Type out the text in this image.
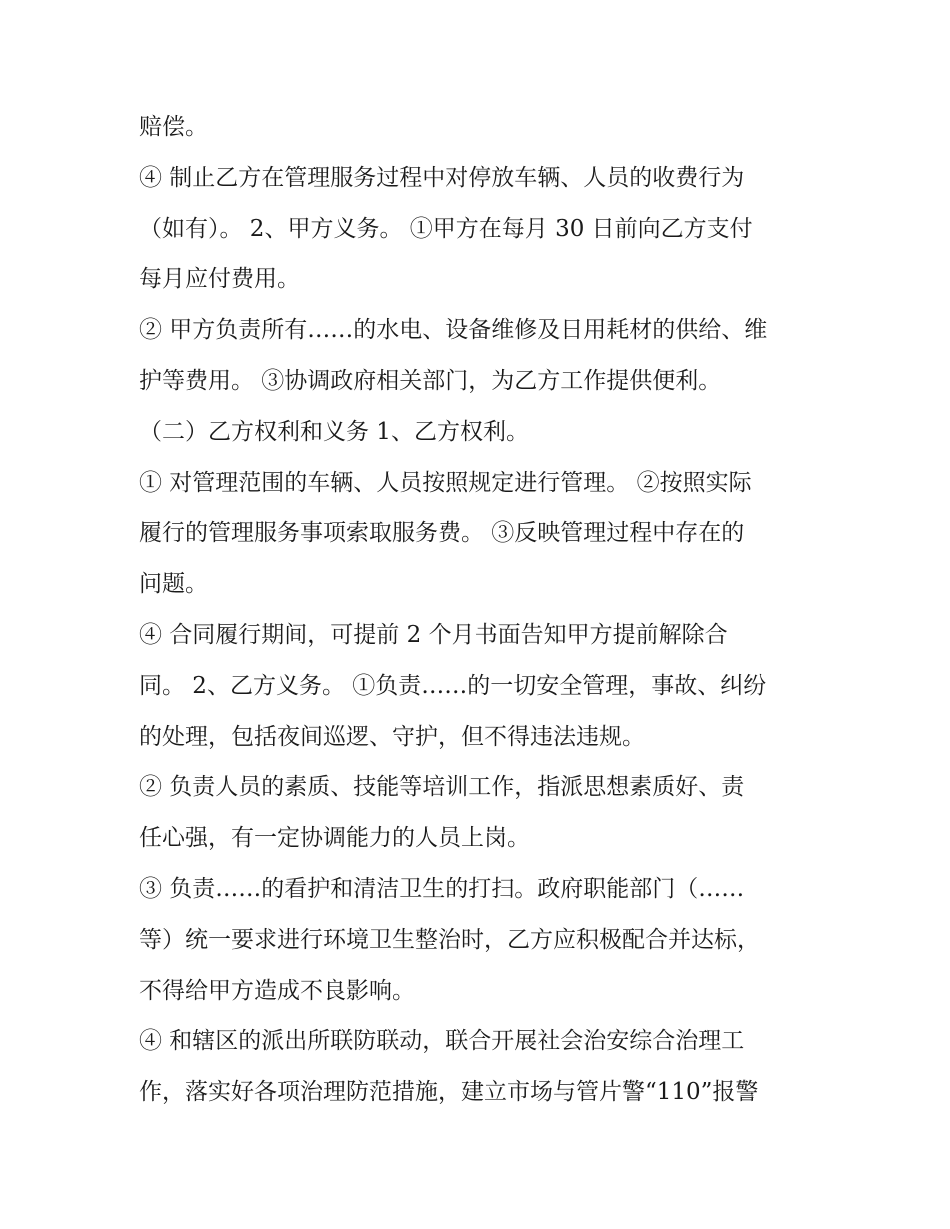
赔偿。
④ 制止乙方在管理服务过程中对停放车辆、人员的收费行为
（如有）。 2、甲方义务。 ①甲方在每月 30 日前向乙方支付
每月应付费用。
② 甲方负责所有……的水电、设备维修及日用耗材的供给、维
护等费用。 ③协调政府相关部门，为乙方工作提供便利。
（二）乙方权利和义务 1、乙方权利。
① 对管理范围的车辆、人员按照规定进行管理。 ②按照实际
履行的管理服务事项索取服务费。 ③反映管理过程中存在的
问题。
④ 合同履行期间，可提前 2 个月书面告知甲方提前解除合
同。 2、乙方义务。 ①负责……的一切安全管理，事故、纠纷
的处理，包括夜间巡逻、守护，但不得违法违规。
② 负责人员的素质、技能等培训工作，指派思想素质好、责
任心强，有一定协调能力的人员上岗。
③ 负责……的看护和清洁卫生的打扫。政府职能部门（……
等）统一要求进行环境卫生整治时，乙方应积极配合并达标，
不得给甲方造成不良影响。
④ 和辖区的派出所联防联动，联合开展社会治安综合治理工
作，落实好各项治理防范措施，建立市场与管片警“110”报警
